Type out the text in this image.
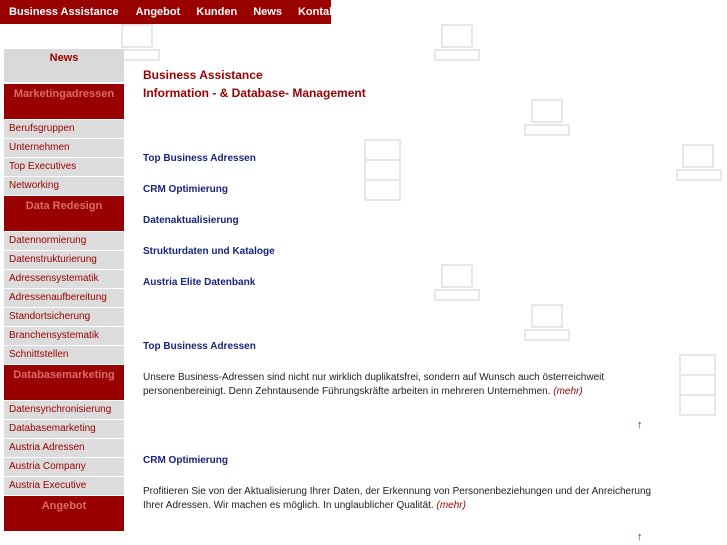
Business Assistance	Angebot	Kunden	News	Kontakt
News
Marketingadressen
Berufsgruppen
Unternehmen
Top Executives
Networking
Data Redesign
Datennormierung
Datenstrukturierung
Adressensystematik
Adressenaufbereitung
Standortsicherung
Branchensystematik
Schnittstellen
Databasemarketing
Datensynchronisierung
Databasemarketing
Austria Adressen
Austria Company
Austria Executive
Angebot
Business Assistance
Information - & Database- Management
Top Business Adressen
CRM Optimierung
Datenaktualisierung
Strukturdaten und Kataloge
Austria Elite Datenbank
Top Business Adressen
Unsere Business-Adressen sind nicht nur wirklich duplikatsfrei, sondern auf Wunsch auch österreichweit personenbereinigt. Denn Zehntausende Führungskräfte arbeiten in mehreren Unternehmen. (mehr)
↑
CRM Optimierung
Profitieren Sie von der Aktualisierung Ihrer Daten, der Erkennung von Personenbeziehungen und der Anreicherung Ihrer Adressen. Wir machen es möglich. In unglaublicher Qualität. (mehr)
↑
